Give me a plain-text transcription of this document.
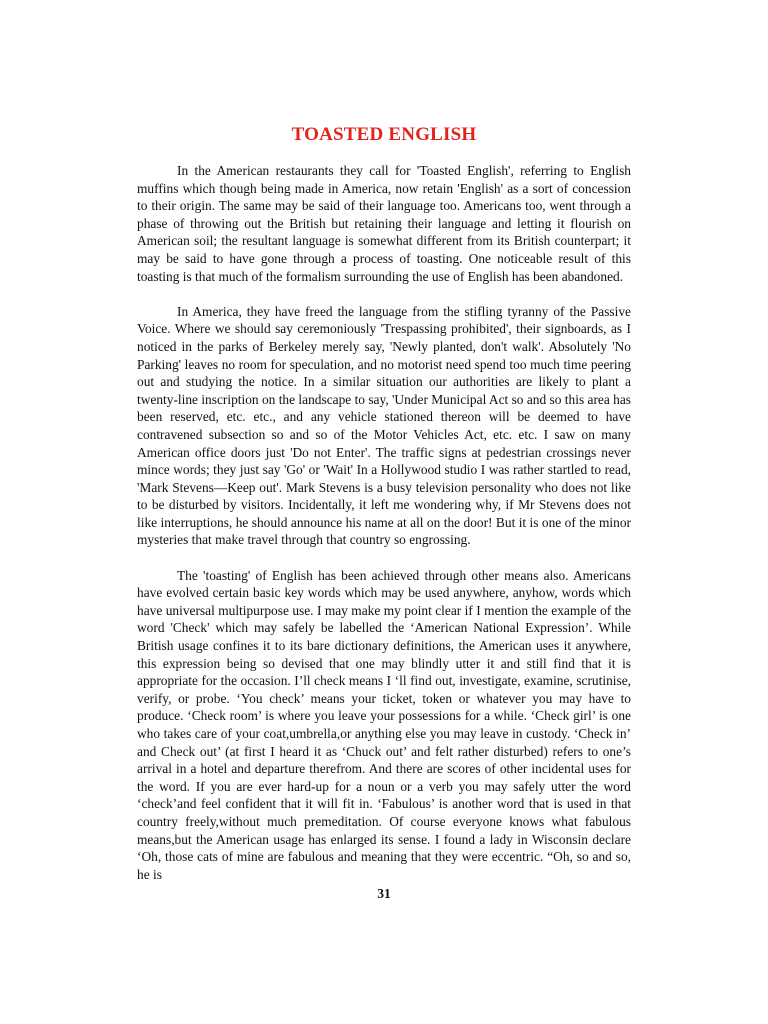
TOASTED ENGLISH

In the American restaurants they call for 'Toasted English', referring to English muffins which though being made in America, now retain 'English' as a sort of concession to their origin. The same may be said of their language too. Americans too, went through a phase of throwing out the British but retaining their language and letting it flourish on American soil; the resultant language is somewhat different from its British counterpart; it may be said to have gone through a process of toasting. One noticeable result of this toasting is that much of the formalism surrounding the use of English has been abandoned.

In America, they have freed the language from the stifling tyranny of the Passive Voice. Where we should say ceremoniously 'Trespassing prohibited', their signboards, as I noticed in the parks of Berkeley merely say, 'Newly planted, don't walk'. Absolutely 'No Parking' leaves no room for speculation, and no motorist need spend too much time peering out and studying the notice. In a similar situation our authorities are likely to plant a twenty-line inscription on the landscape to say, 'Under Municipal Act so and so this area has been reserved, etc. etc., and any vehicle stationed thereon will be deemed to have contravened subsection so and so of the Motor Vehicles Act, etc. etc. I saw on many American office doors just 'Do not Enter'. The traffic signs at pedestrian crossings never mince words; they just say 'Go' or 'Wait' In a Hollywood studio I was rather startled to read, 'Mark Stevens—Keep out'. Mark Stevens is a busy television personality who does not like to be disturbed by visitors. Incidentally, it left me wondering why, if Mr Stevens does not like interruptions, he should announce his name at all on the door! But it is one of the minor mysteries that make travel through that country so engrossing.

The 'toasting' of English has been achieved through other means also. Americans have evolved certain basic key words which may be used anywhere, anyhow, words which have universal multipurpose use. I may make my point clear if I mention the example of the word 'Check' which may safely be labelled the ‘American National Expression’. While British usage confines it to its bare dictionary definitions, the American uses it anywhere, this expression being so devised that one may blindly utter it and still find that it is appropriate for the occasion. I’ll check means I ‘ll find out, investigate, examine, scrutinise, verify, or probe. ‘You check’ means your ticket, token or whatever you may have to produce. ‘Check room’ is where you leave your possessions for a while. ‘Check girl’ is one who takes care of your coat,umbrella,or anything else you may leave in custody. ‘Check in’ and Check out’ (at first I heard it as ‘Chuck out’ and felt rather disturbed) refers to one’s arrival in a hotel and departure therefrom. And there are scores of other incidental uses for the word. If you are ever hard-up for a noun or a verb you may safely utter the word ‘check’and feel confident that it will fit in. ‘Fabulous’ is another word that is used in that country freely,without much premeditation. Of course everyone knows what fabulous means,but the American usage has enlarged its sense. I found a lady in Wisconsin declare ‘Oh, those cats of mine are fabulous and meaning that they were eccentric. “Oh, so and so, he is

31
